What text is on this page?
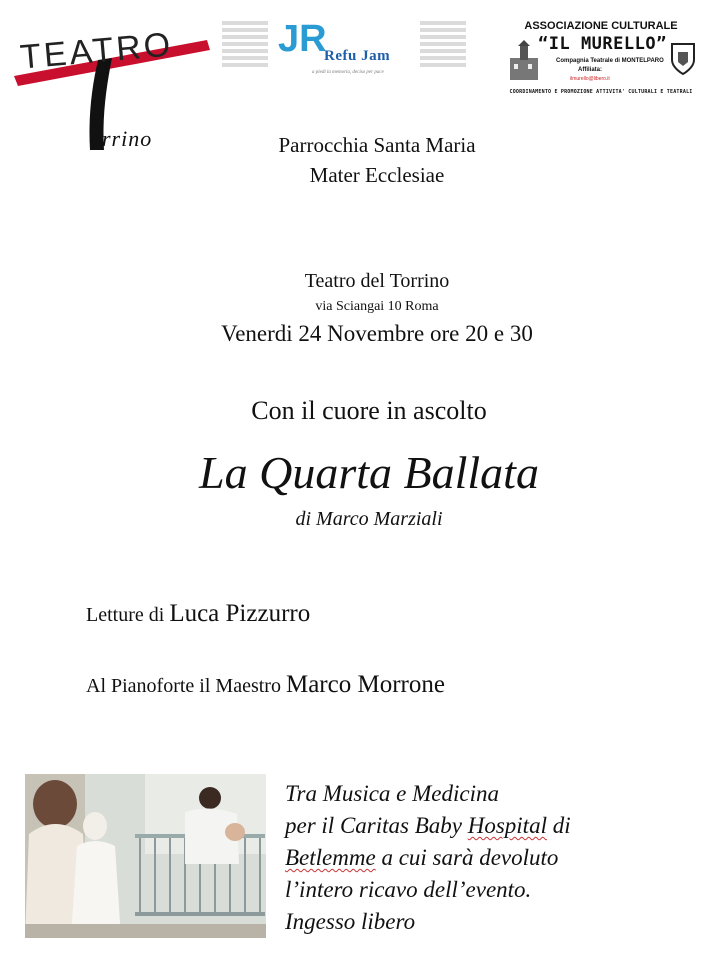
TEATRO
orrino
JR
Refu Jam
a piedi la memoria, deciso per pace
ASSOCIAZIONE CULTURALE
“IL MURELLO”
Compagnia Teatrale di MONTELPARO
Affiliata:
ilmurello@libero.it
COORDINAMENTO E PROMOZIONE ATTIVITA' CULTURALI E TEATRALI
Parrocchia Santa Maria
Mater Ecclesiae
Teatro del Torrino
via Sciangai 10 Roma
Venerdi 24 Novembre ore 20 e 30
Con il cuore in ascolto
La Quarta Ballata
di Marco Marziali
Letture di Luca Pizzurro
Al Pianoforte il Maestro Marco Morrone
Tra Musica e Medicina
per il Caritas Baby Hospital di
Betlemme a cui sarà devoluto
l’intero ricavo dell’evento.
Ingesso libero
